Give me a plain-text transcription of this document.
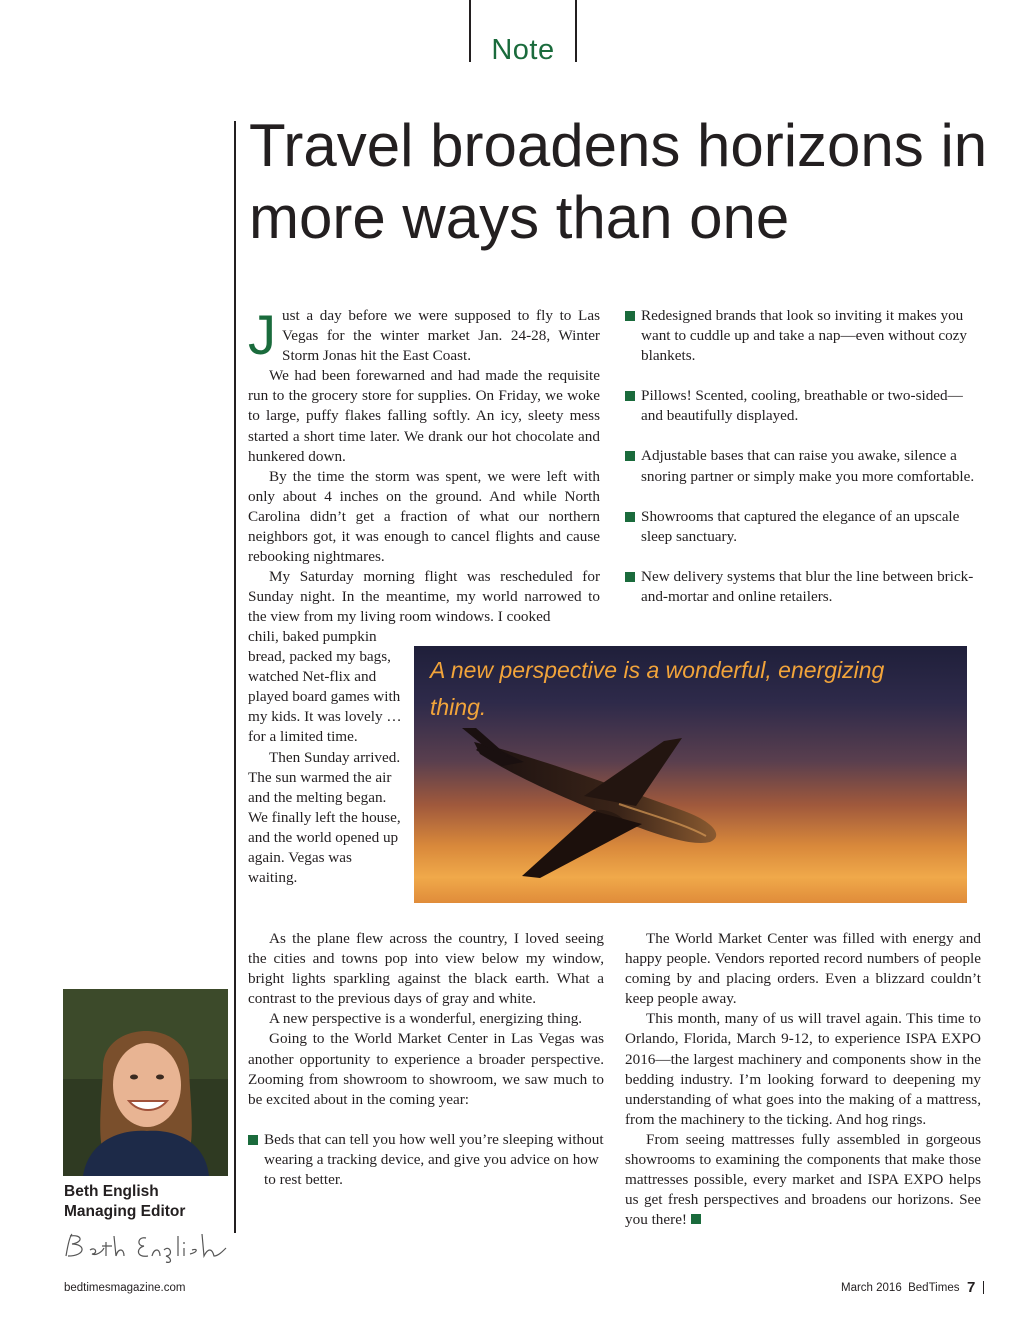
Note
Travel broadens horizons in more ways than one

Just a day before we were supposed to fly to Las Vegas for the winter market Jan. 24-28, Winter Storm Jonas hit the East Coast.

We had been forewarned and had made the requisite run to the grocery store for supplies. On Friday, we woke to large, puffy flakes falling softly. An icy, sleety mess started a short time later. We drank our hot chocolate and hunkered down.

By the time the storm was spent, we were left with only about 4 inches on the ground. And while North Carolina didn’t get a fraction of what our northern neighbors got, it was enough to cancel flights and cause rebooking nightmares.

My Saturday morning flight was rescheduled for Sunday night. In the meantime, my world narrowed to the view from my living room windows. I cooked

chili, baked pumpkin bread, packed my bags, watched Net-flix and played board games with my kids. It was lovely … for a limited time.

Then Sunday arrived. The sun warmed the air and the melting began. We finally left the house, and the world opened up again. Vegas was waiting.

As the plane flew across the country, I loved seeing the cities and towns pop into view below my window, bright lights sparkling against the black earth. What a contrast to the previous days of gray and white.

A new perspective is a wonderful, energizing thing.

Going to the World Market Center in Las Vegas was another opportunity to experience a broader perspective. Zooming from showroom to showroom, we saw much to be excited about in the coming year:

Beds that can tell you how well you’re sleeping without wearing a tracking device, and give you advice on how to rest better.
Redesigned brands that look so inviting it makes you want to cuddle up and take a nap—even without cozy blankets.
Pillows! Scented, cooling, breathable or two-sided—and beautifully displayed.
Adjustable bases that can raise you awake, silence a snoring partner or simply make you more comfortable.
Showrooms that captured the elegance of an upscale sleep sanctuary.
New delivery systems that blur the line between brick-and-mortar and online retailers.

The World Market Center was filled with energy and happy people. Vendors reported record numbers of people coming by and placing orders. Even a blizzard couldn’t keep people away.

This month, many of us will travel again. This time to Orlando, Florida, March 9-12, to experience ISPA EXPO 2016—the largest machinery and components show in the bedding industry. I’m looking forward to deepening my understanding of what goes into the making of a mattress, from the machinery to the ticking. And hog rings.

From seeing mattresses fully assembled in gorgeous showrooms to examining the components that make those mattresses possible, every market and ISPA EXPO helps us get fresh perspectives and broadens our horizons. See you there!

A new perspective is a wonderful, energizing thing.

Beth English
Managing Editor
bedtimesmagazine.com	March 2016  BedTimes 7
